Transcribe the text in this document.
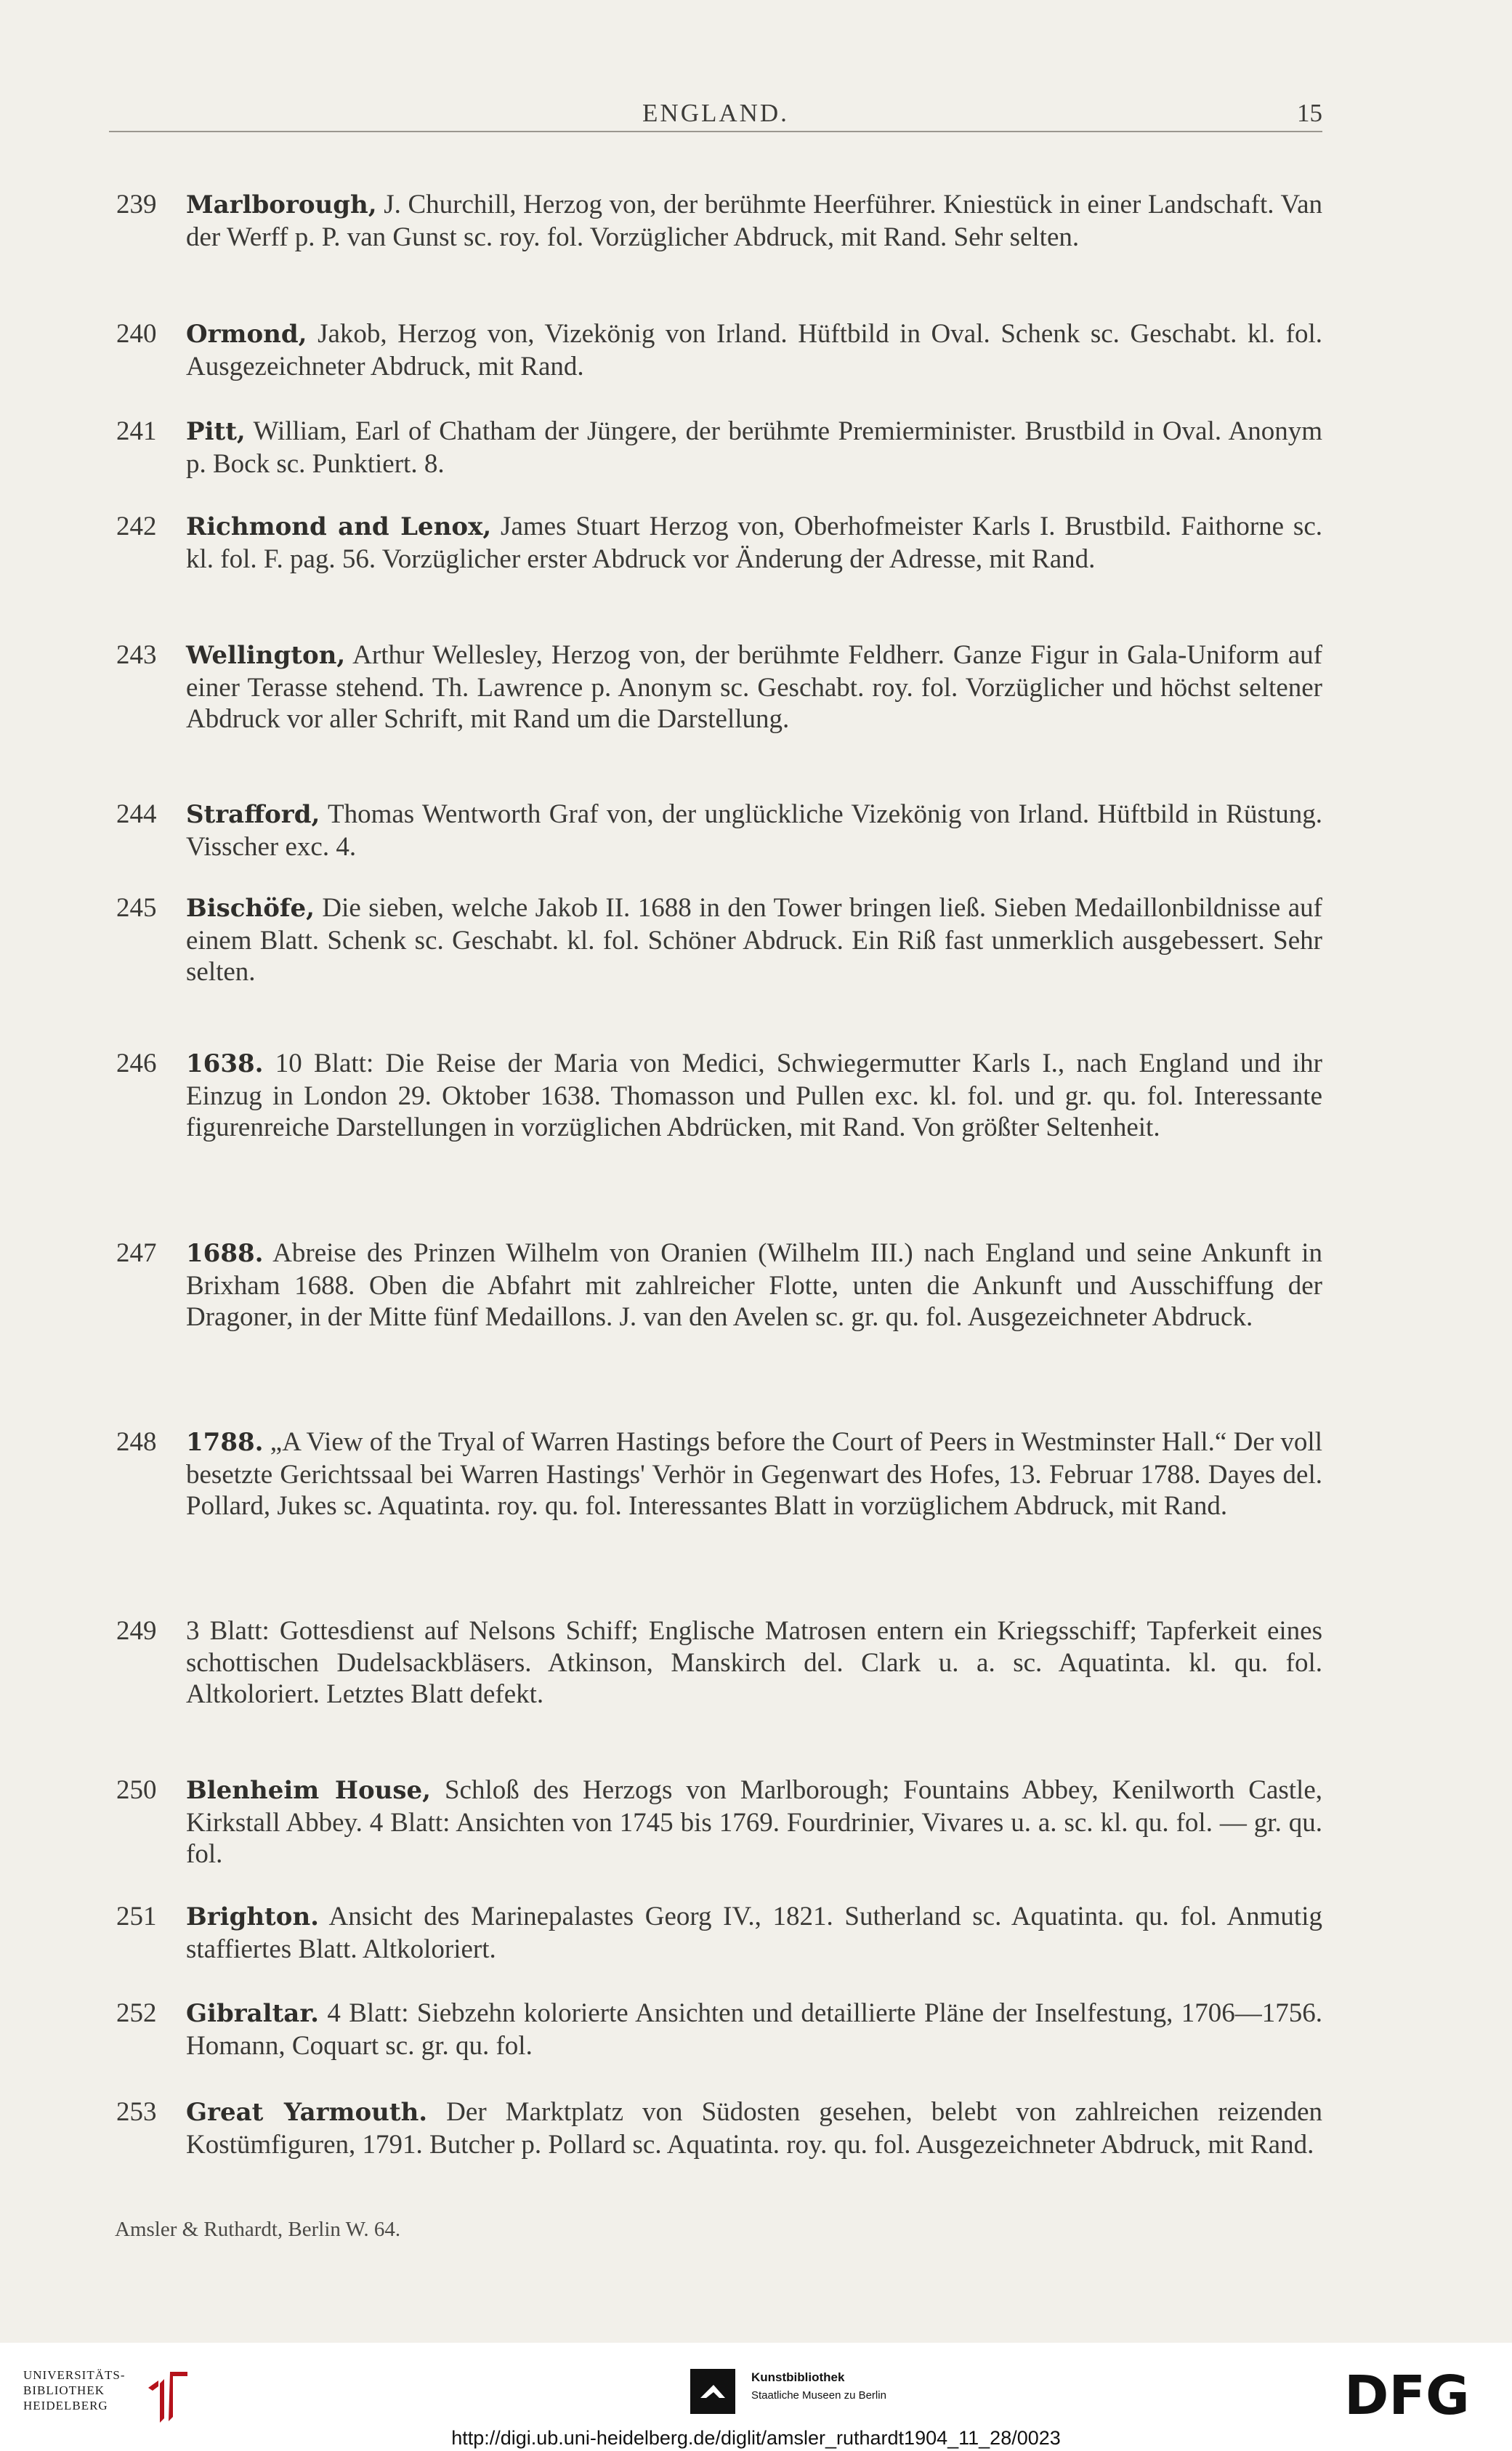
ENGLAND.	15
239 Marlborough, J. Churchill, Herzog von, der berühmte Heerführer. Kniestück in einer Landschaft. Van der Werff p. P. van Gunst sc. roy. fol. Vorzüglicher Abdruck, mit Rand. Sehr selten.
240 Ormond, Jakob, Herzog von, Vizekönig von Irland. Hüftbild in Oval. Schenk sc. Geschabt. kl. fol. Ausgezeichneter Abdruck, mit Rand.
241 Pitt, William, Earl of Chatham der Jüngere, der berühmte Premierminister. Brustbild in Oval. Anonym p. Bock sc. Punktiert. 8.
242 Richmond and Lenox, James Stuart Herzog von, Oberhofmeister Karls I. Brustbild. Faithorne sc. kl. fol. F. pag. 56. Vorzüglicher erster Abdruck vor Änderung der Adresse, mit Rand.
243 Wellington, Arthur Wellesley, Herzog von, der berühmte Feldherr. Ganze Figur in Gala-Uniform auf einer Terasse stehend. Th. Lawrence p. Anonym sc. Geschabt. roy. fol. Vorzüglicher und höchst seltener Abdruck vor aller Schrift, mit Rand um die Darstellung.
244 Strafford, Thomas Wentworth Graf von, der unglückliche Vizekönig von Irland. Hüftbild in Rüstung. Visscher exc. 4.
245 Bischöfe, Die sieben, welche Jakob II. 1688 in den Tower bringen ließ. Sieben Medaillonbildnisse auf einem Blatt. Schenk sc. Geschabt. kl. fol. Schöner Abdruck. Ein Riß fast unmerklich ausgebessert. Sehr selten.
246 1638. 10 Blatt: Die Reise der Maria von Medici, Schwiegermutter Karls I., nach England und ihr Einzug in London 29. Oktober 1638. Thomasson und Pullen exc. kl. fol. und gr. qu. fol. Interessante figurenreiche Darstellungen in vorzüglichen Abdrücken, mit Rand. Von größter Seltenheit.
247 1688. Abreise des Prinzen Wilhelm von Oranien (Wilhelm III.) nach England und seine Ankunft in Brixham 1688. Oben die Abfahrt mit zahlreicher Flotte, unten die Ankunft und Ausschiffung der Dragoner, in der Mitte fünf Medaillons. J. van den Avelen sc. gr. qu. fol. Ausgezeichneter Abdruck.
248 1788. „A View of the Tryal of Warren Hastings before the Court of Peers in Westminster Hall.“ Der voll besetzte Gerichtssaal bei Warren Hastings' Verhör in Gegenwart des Hofes, 13. Februar 1788. Dayes del. Pollard, Jukes sc. Aquatinta. roy. qu. fol. Interessantes Blatt in vorzüglichem Abdruck, mit Rand.
249 3 Blatt: Gottesdienst auf Nelsons Schiff; Englische Matrosen entern ein Kriegsschiff; Tapferkeit eines schottischen Dudelsackbläsers. Atkinson, Manskirch del. Clark u. a. sc. Aquatinta. kl. qu. fol. Altkoloriert. Letztes Blatt defekt.
250 Blenheim House, Schloß des Herzogs von Marlborough; Fountains Abbey, Kenilworth Castle, Kirkstall Abbey. 4 Blatt: Ansichten von 1745 bis 1769. Fourdrinier, Vivares u. a. sc. kl. qu. fol. — gr. qu. fol.
251 Brighton. Ansicht des Marinepalastes Georg IV., 1821. Sutherland sc. Aquatinta. qu. fol. Anmutig staffiertes Blatt. Altkoloriert.
252 Gibraltar. 4 Blatt: Siebzehn kolorierte Ansichten und detaillierte Pläne der Inselfestung, 1706—1756. Homann, Coquart sc. gr. qu. fol.
253 Great Yarmouth. Der Marktplatz von Südosten gesehen, belebt von zahlreichen reizenden Kostümfiguren, 1791. Butcher p. Pollard sc. Aquatinta. roy. qu. fol. Ausgezeichneter Abdruck, mit Rand.
Amsler & Ruthardt, Berlin W. 64.
UNIVERSITÄTS-
BIBLIOTHEK
HEIDELBERG
Kunstbibliothek
Staatliche Museen zu Berlin	DFG
http://digi.ub.uni-heidelberg.de/diglit/amsler_ruthardt1904_11_28/0023
